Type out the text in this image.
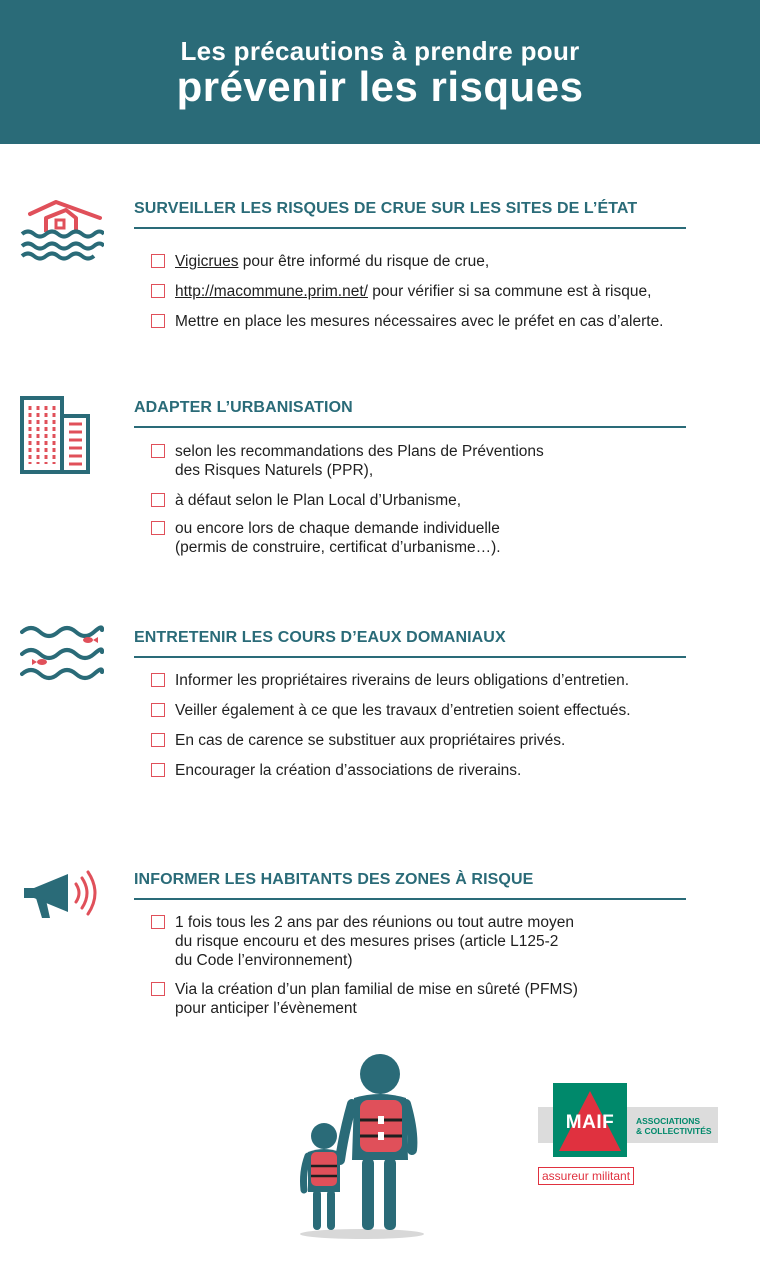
Les précautions à prendre pour
prévenir les risques
SURVEILLER LES RISQUES DE CRUE SUR LES SITES DE L’ÉTAT
Vigicrues pour être informé du risque de crue,
http://macommune.prim.net/ pour vérifier si sa commune est à risque,
Mettre en place les mesures nécessaires avec le préfet en cas d’alerte.
ADAPTER L’URBANISATION
selon les recommandations des Plans de Préventions
des Risques Naturels (PPR),
à défaut selon le Plan Local d’Urbanisme,
ou encore lors de chaque demande individuelle
(permis de construire, certificat d’urbanisme…).
ENTRETENIR LES COURS D’EAUX DOMANIAUX
Informer les propriétaires riverains de leurs obligations d’entretien.
Veiller également à ce que les travaux d’entretien soient effectués.
En cas de carence se substituer aux propriétaires privés.
Encourager la création d’associations de riverains.
INFORMER LES HABITANTS DES ZONES À RISQUE
1 fois tous les 2 ans par des réunions ou tout autre moyen
du risque encouru et des mesures prises (article L125-2
du Code l’environnement)
Via la création d’un plan familial de mise en sûreté (PFMS)
pour anticiper l’évènement
MAIF	ASSOCIATIONS
& COLLECTIVITÉS
assureur militant
